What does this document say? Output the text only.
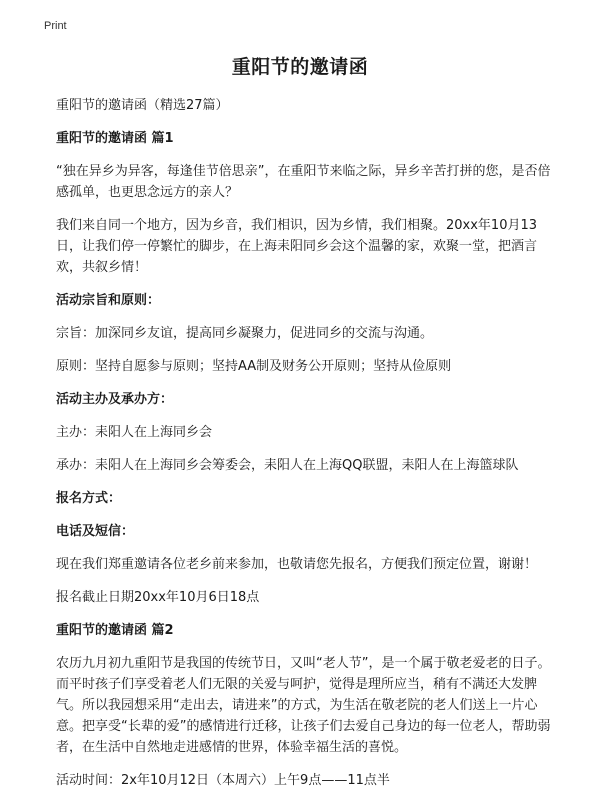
Print
重阳节的邀请函

重阳节的邀请函（精选27篇）

重阳节的邀请函 篇1

“独在异乡为异客，每逢佳节倍思亲”，在重阳节来临之际，异乡辛苦打拼的您，是否倍感孤单，也更思念远方的亲人？

我们来自同一个地方，因为乡音，我们相识，因为乡情，我们相聚。20xx年10月13日，让我们停一停繁忙的脚步，在上海耒阳同乡会这个温馨的家，欢聚一堂，把酒言欢，共叙乡情！

活动宗旨和原则：

宗旨：加深同乡友谊，提高同乡凝聚力，促进同乡的交流与沟通。

原则：坚持自愿参与原则；坚持AA制及财务公开原则；坚持从俭原则

活动主办及承办方：

主办：耒阳人在上海同乡会

承办：耒阳人在上海同乡会筹委会，耒阳人在上海QQ联盟，耒阳人在上海篮球队

报名方式：
电话及短信：

现在我们郑重邀请各位老乡前来参加，也敬请您先报名，方便我们预定位置，谢谢！

报名截止日期20xx年10月6日18点

重阳节的邀请函 篇2

农历九月初九重阳节是我国的传统节日，又叫“老人节”，是一个属于敬老爱老的日子。而平时孩子们享受着老人们无限的关爱与呵护，觉得是理所应当，稍有不满还大发脾气。所以我园想采用“走出去，请进来”的方式，为生活在敬老院的老人们送上一片心意。把享受“长辈的爱”的感情进行迁移，让孩子们去爱自己身边的每一位老人，帮助弱者，在生活中自然地走进感情的世界，体验幸福生活的喜悦。

活动时间：2x年10月12日（本周六）上午9点——11点半
